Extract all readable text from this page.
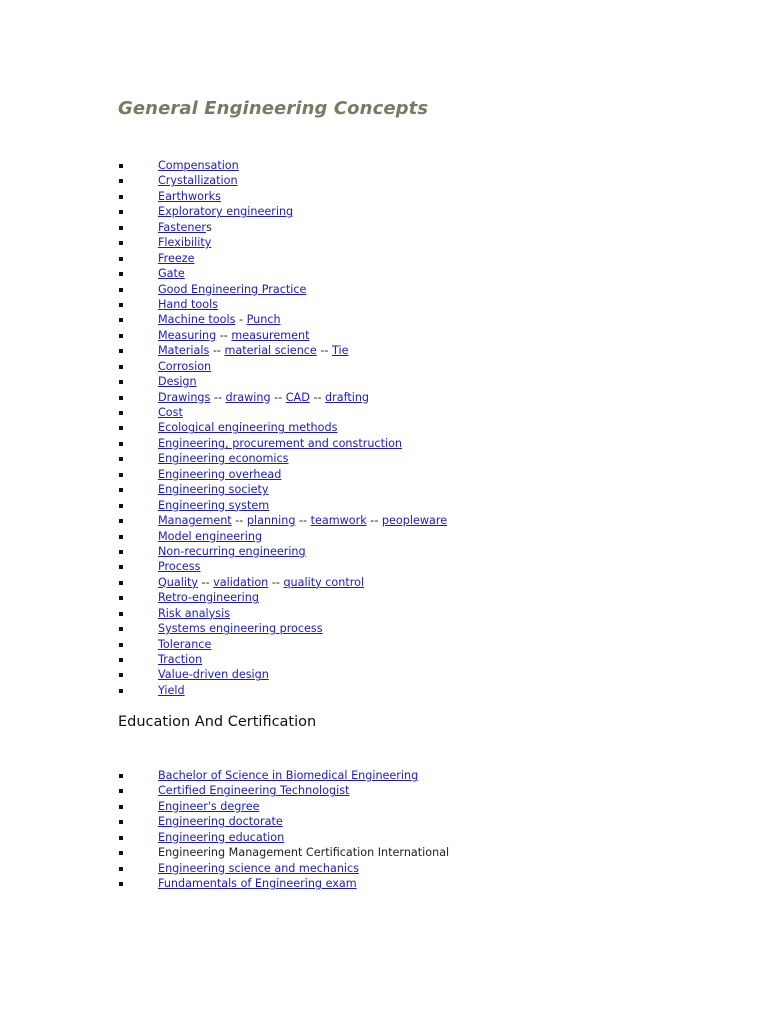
General Engineering Concepts
Compensation
Crystallization
Earthworks
Exploratory engineering
Fasteners
Flexibility
Freeze
Gate
Good Engineering Practice
Hand tools
Machine tools - Punch
Measuring -- measurement
Materials -- material science -- Tie
Corrosion
Design
Drawings -- drawing -- CAD -- drafting
Cost
Ecological engineering methods
Engineering, procurement and construction
Engineering economics
Engineering overhead
Engineering society
Engineering system
Management -- planning -- teamwork -- peopleware
Model engineering
Non-recurring engineering
Process
Quality -- validation -- quality control
Retro-engineering
Risk analysis
Systems engineering process
Tolerance
Traction
Value-driven design
Yield
Education And Certification
Bachelor of Science in Biomedical Engineering
Certified Engineering Technologist
Engineer's degree
Engineering doctorate
Engineering education
Engineering Management Certification International
Engineering science and mechanics
Fundamentals of Engineering exam
